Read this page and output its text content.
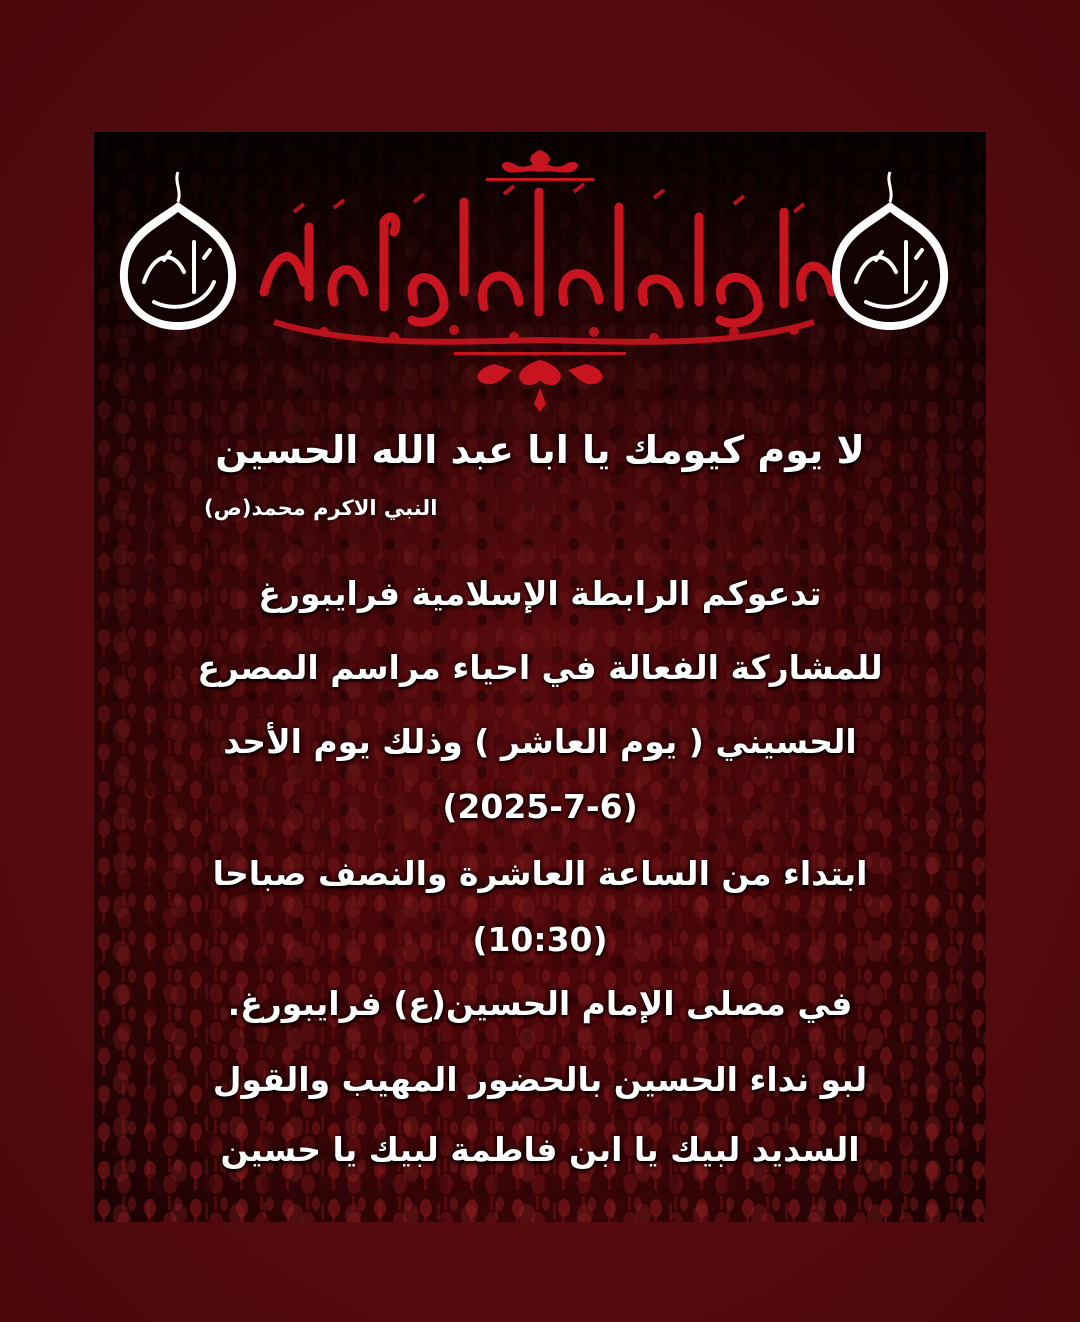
لا يوم كيومك يا ابا عبد الله الحسين
النبي الاكرم محمد(ص)
تدعوكم الرابطة الإسلامية فرايبورغ
للمشاركة الفعالة في احياء مراسم المصرع
الحسيني ( يوم العاشر ) وذلك يوم الأحد
(2025-7-6)
ابتداء من الساعة العاشرة والنصف صباحا
(10:30)
في مصلى الإمام الحسين(ع) فرايبورغ.
لبو نداء الحسين بالحضور المهيب والقول
السديد لبيك يا ابن فاطمة لبيك يا حسين
